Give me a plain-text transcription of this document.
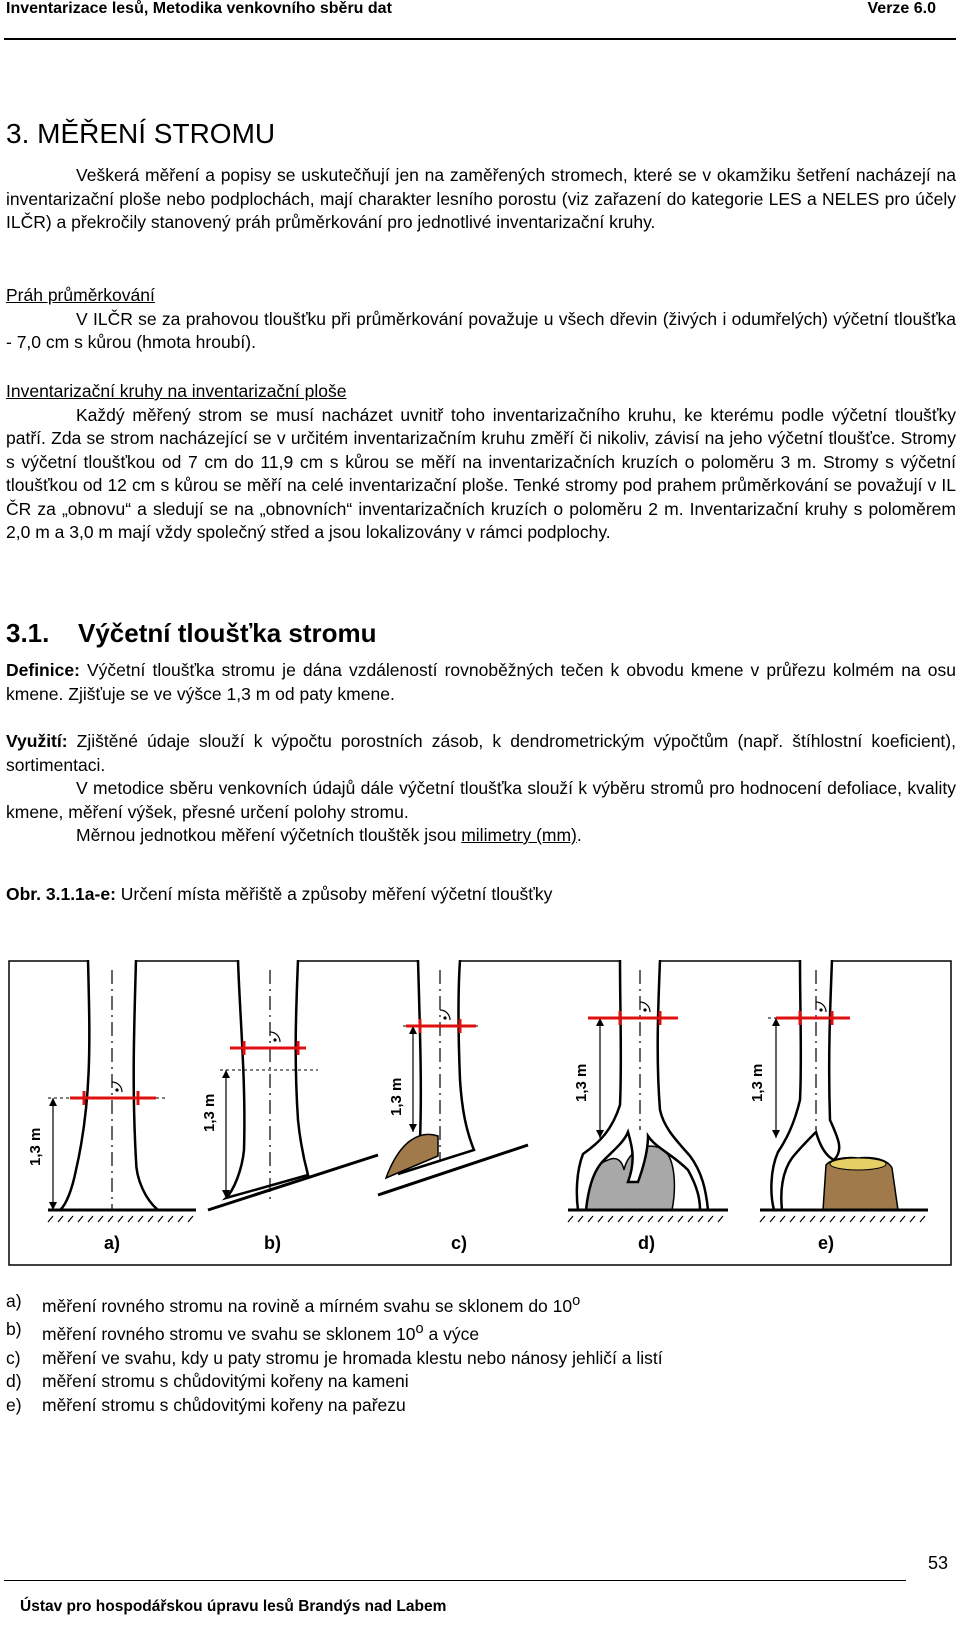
Inventarizace lesů, Metodika venkovního sběru dat	Verze 6.0
3. MĚŘENÍ STROMU

Veškerá měření a popisy se uskutečňují jen na zaměřených stromech, které se v okamžiku šetření nacházejí na inventarizační ploše nebo podplochách, mají charakter lesního porostu (viz zařazení do kategorie LES a NELES pro účely ILČR) a překročily stanovený práh průměrkování pro jednotlivé inventarizační kruhy.

Práh průměrkování
V ILČR se za prahovou tloušťku při průměrkování považuje u všech dřevin (živých i odumřelých) výčetní tloušťka - 7,0 cm s kůrou (hmota hroubí).

Inventarizační kruhy na inventarizační ploše
Každý měřený strom se musí nacházet uvnitř toho inventarizačního kruhu, ke kterému podle výčetní tloušťky patří. Zda se strom nacházející se v určitém inventarizačním kruhu změří či nikoliv, závisí na jeho výčetní tloušťce. Stromy s výčetní tloušťkou od 7 cm do 11,9 cm s kůrou se měří na inventarizačních kruzích o poloměru 3 m. Stromy s výčetní tloušťkou od 12 cm s kůrou se měří na celé inventarizační ploše. Tenké stromy pod prahem průměrkování se považují v IL ČR za „obnovu“ a sledují se na „obnovních“ inventarizačních kruzích o poloměru 2 m. Inventarizační kruhy s poloměrem 2,0 m a 3,0 m mají vždy společný střed a jsou lokalizovány v rámci podplochy.

3.1. Výčetní tloušťka stromu

Definice: Výčetní tloušťka stromu je dána vzdáleností rovnoběžných tečen k obvodu kmene v průřezu kolmém na osu kmene. Zjišťuje se ve výšce 1,3 m od paty kmene.

Využití: Zjištěné údaje slouží k výpočtu porostních zásob, k dendrometrickým výpočtům (např. štíhlostní koeficient), sortimentaci.
V metodice sběru venkovních údajů dále výčetní tloušťka slouží k výběru stromů pro hodnocení defoliace, kvality kmene, měření výšek, přesné určení polohy stromu.
Měrnou jednotkou měření výčetních tlouštěk jsou milimetry (mm).

Obr. 3.1.1a-e: Určení místa měřiště a způsoby měření výčetní tloušťky

1,3 m
1,3 m	1,3 m	1,3 m	1,3 m
a)	b)	c)	d)	e)
a) měření rovného stromu na rovině a mírném svahu se sklonem do 10$^o$
b) měření rovného stromu ve svahu se sklonem 10$^o$ a výce
c) měření ve svahu, kdy u paty stromu je hromada klestu nebo nánosy jehličí a listí
d) měření stromu s chůdovitými kořeny na kameni
e) měření stromu s chůdovitými kořeny na pařezu
53
Ústav pro hospodářskou úpravu lesů Brandýs nad Labem
